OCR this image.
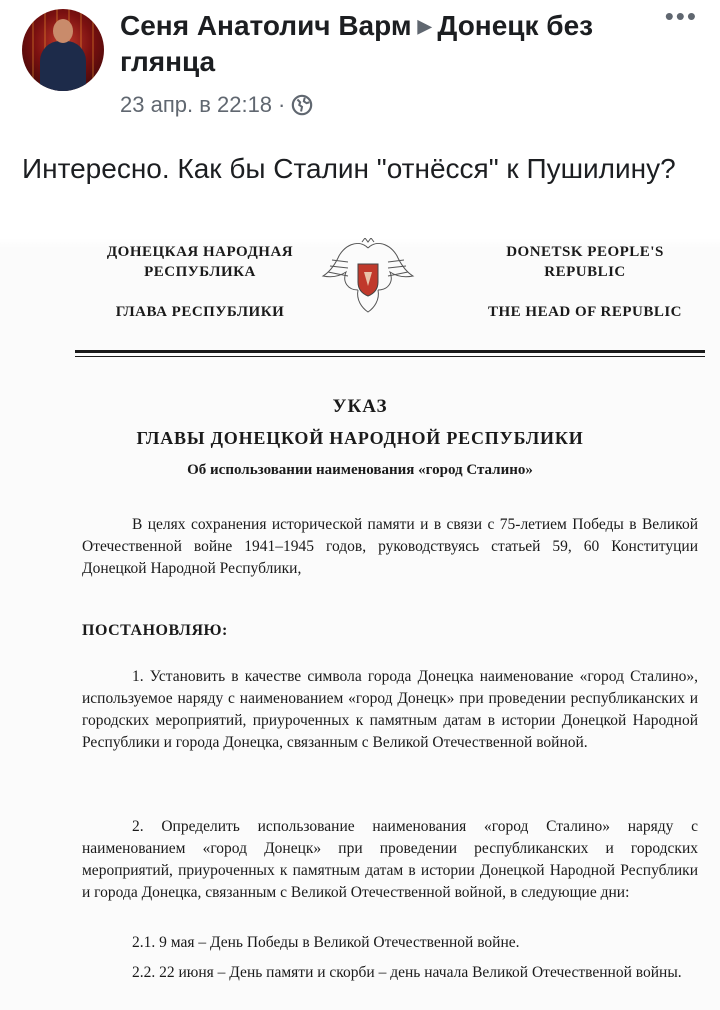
Сеня Анатолич Варм ▶ Донецк без глянца
•••
23 апр. в 22:18 ·
Интересно. Как бы Сталин "отнёсся" к Пушилину?
ДОНЕЦКАЯ НАРОДНАЯ
РЕСПУБЛИКА
ГЛАВА РЕСПУБЛИКИ
DONETSK PEOPLE'S
REPUBLIC
THE HEAD OF REPUBLIC
УКАЗ
ГЛАВЫ ДОНЕЦКОЙ НАРОДНОЙ РЕСПУБЛИКИ
Об использовании наименования «город Сталино»
В целях сохранения исторической памяти и в связи с 75-летием Победы в Великой Отечественной войне 1941–1945 годов, руководствуясь статьей 59, 60 Конституции Донецкой Народной Республики,
ПОСТАНОВЛЯЮ:
1. Установить в качестве символа города Донецка наименование «город Сталино», используемое наряду с наименованием «город Донецк» при проведении республиканских и городских мероприятий, приуроченных к памятным датам в истории Донецкой Народной Республики и города Донецка, связанным с Великой Отечественной войной.
2. Определить использование наименования «город Сталино» наряду с наименованием «город Донецк» при проведении республиканских и городских мероприятий, приуроченных к памятным датам в истории Донецкой Народной Республики и города Донецка, связанным с Великой Отечественной войной, в следующие дни:
2.1. 9 мая – День Победы в Великой Отечественной войне.
2.2. 22 июня – День памяти и скорби – день начала Великой Отечественной войны.
